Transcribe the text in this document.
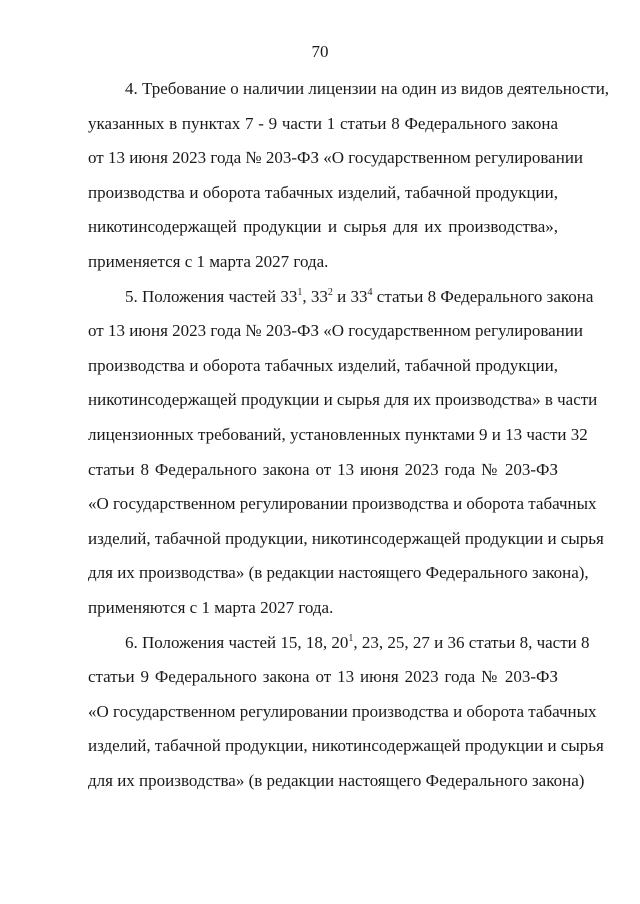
70
4. Требование о наличии лицензии на один из видов деятельности,
указанных в пунктах 7 - 9 части 1 статьи 8 Федерального закона
от 13 июня 2023 года № 203-ФЗ «О государственном регулировании
производства и оборота табачных изделий, табачной продукции,
никотинсодержащей продукции и сырья для их производства»,
применяется с 1 марта 2027 года.
5. Положения частей $33^1$, $33^2$ и $33^4$ статьи 8 Федерального закона
от 13 июня 2023 года № 203-ФЗ «О государственном регулировании
производства и оборота табачных изделий, табачной продукции,
никотинсодержащей продукции и сырья для их производства» в части
лицензионных требований, установленных пунктами 9 и 13 части 32
статьи 8 Федерального закона от 13 июня 2023 года № 203-ФЗ
«О государственном регулировании производства и оборота табачных
изделий, табачной продукции, никотинсодержащей продукции и сырья
для их производства» (в редакции настоящего Федерального закона),
применяются с 1 марта 2027 года.
6. Положения частей 15, 18, $20^1$, 23, 25, 27 и 36 статьи 8, части 8
статьи 9 Федерального закона от 13 июня 2023 года № 203-ФЗ
«О государственном регулировании производства и оборота табачных
изделий, табачной продукции, никотинсодержащей продукции и сырья
для их производства» (в редакции настоящего Федерального закона)
